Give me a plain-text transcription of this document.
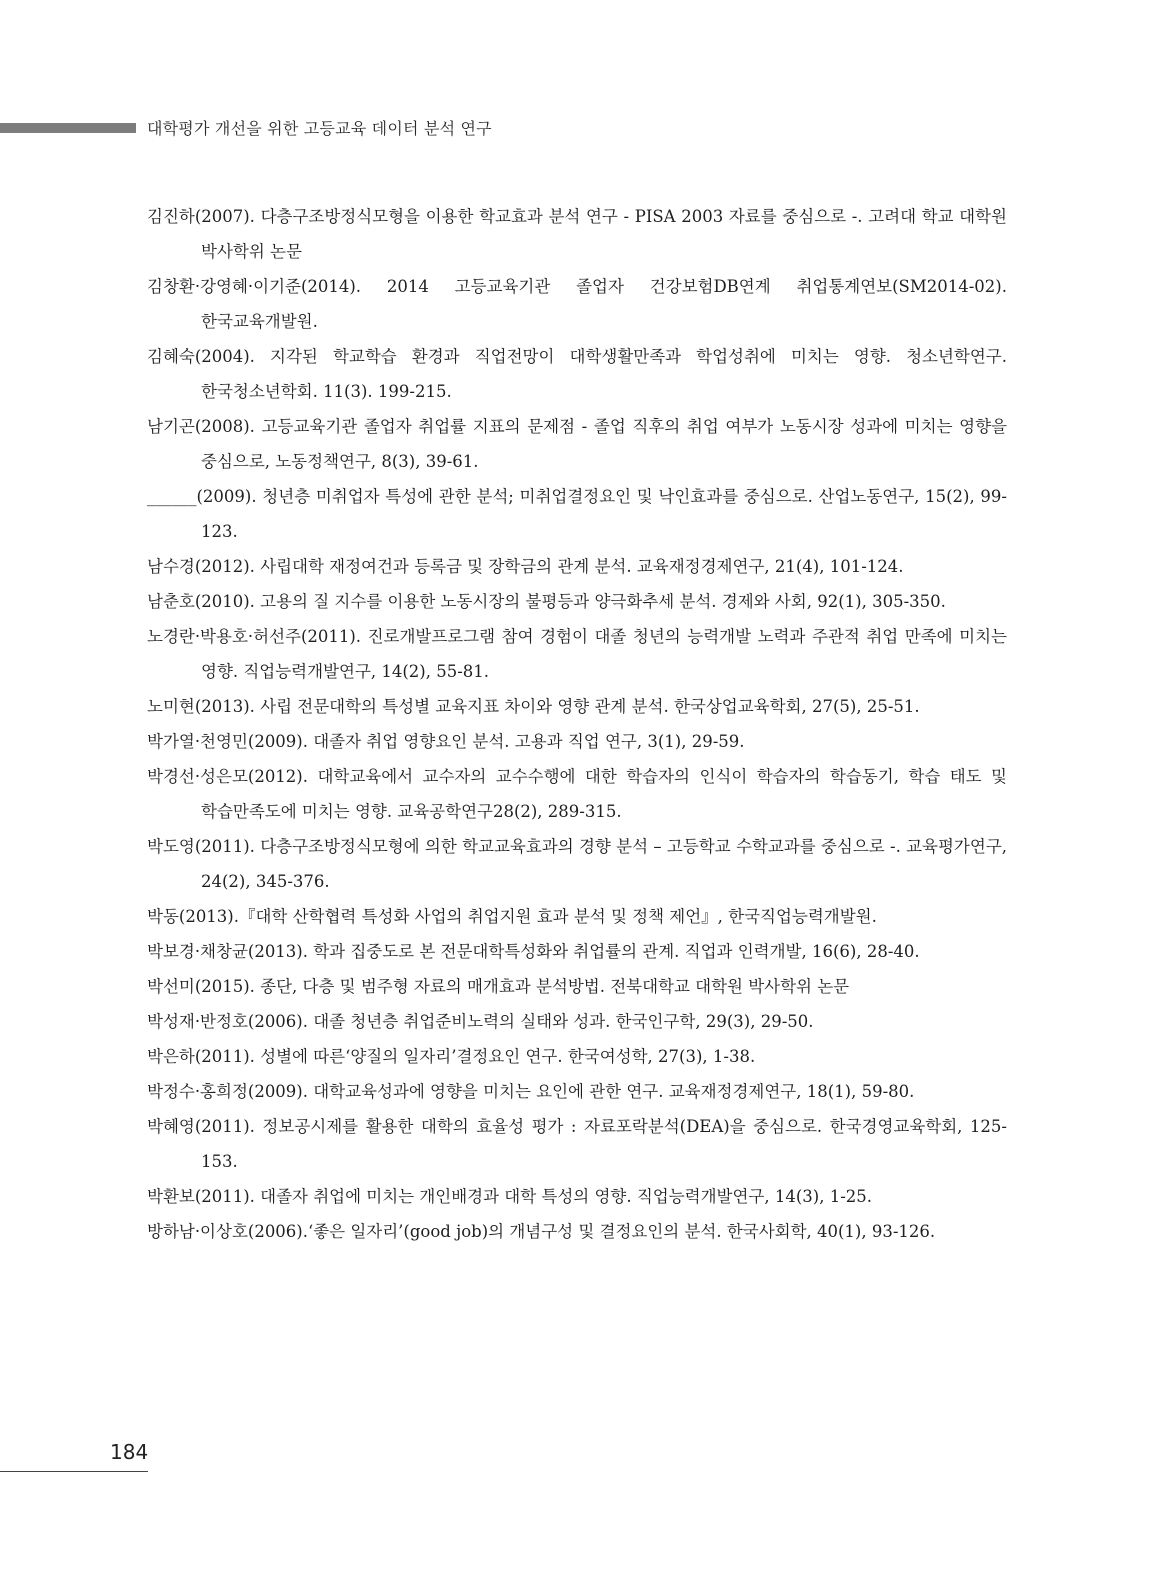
대학평가 개선을 위한 고등교육 데이터 분석 연구
김진하(2007). 다층구조방정식모형을 이용한 학교효과 분석 연구 - PISA 2003 자료를 중심으로 -. 고려대 학교 대학원 박사학위 논문
김창환·강영혜·이기준(2014). 2014 고등교육기관 졸업자 건강보험DB연계 취업통계연보(SM2014-02). 한국교육개발원.
김혜숙(2004). 지각된 학교학습 환경과 직업전망이 대학생활만족과 학업성취에 미치는 영향. 청소년학연구. 한국청소년학회. 11(3). 199-215.
남기곤(2008). 고등교육기관 졸업자 취업률 지표의 문제점 - 졸업 직후의 취업 여부가 노동시장 성과에 미치는 영향을 중심으로, 노동정책연구, 8(3), 39-61.
______(2009). 청년층 미취업자 특성에 관한 분석; 미취업결정요인 및 낙인효과를 중심으로. 산업노동연구, 15(2), 99-123.
남수경(2012). 사립대학 재정여건과 등록금 및 장학금의 관계 분석. 교육재정경제연구, 21(4), 101-124.
남춘호(2010). 고용의 질 지수를 이용한 노동시장의 불평등과 양극화추세 분석. 경제와 사회, 92(1), 305-350.
노경란·박용호·허선주(2011). 진로개발프로그램 참여 경험이 대졸 청년의 능력개발 노력과 주관적 취업 만족에 미치는 영향. 직업능력개발연구, 14(2), 55-81.
노미현(2013). 사립 전문대학의 특성별 교육지표 차이와 영향 관계 분석. 한국상업교육학회, 27(5), 25-51.
박가열·천영민(2009). 대졸자 취업 영향요인 분석. 고용과 직업 연구, 3(1), 29-59.
박경선·성은모(2012). 대학교육에서 교수자의 교수수행에 대한 학습자의 인식이 학습자의 학습동기, 학습 태도 및 학습만족도에 미치는 영향. 교육공학연구28(2), 289-315.
박도영(2011). 다층구조방정식모형에 의한 학교교육효과의 경향 분석 – 고등학교 수학교과를 중심으로 -. 교육평가연구, 24(2), 345-376.
박동(2013).『대학 산학협력 특성화 사업의 취업지원 효과 분석 및 정책 제언』, 한국직업능력개발원.
박보경·채창균(2013). 학과 집중도로 본 전문대학특성화와 취업률의 관계. 직업과 인력개발, 16(6), 28-40.
박선미(2015). 종단, 다층 및 범주형 자료의 매개효과 분석방법. 전북대학교 대학원 박사학위 논문
박성재·반정호(2006). 대졸 청년층 취업준비노력의 실태와 성과. 한국인구학, 29(3), 29-50.
박은하(2011). 성별에 따른‘양질의 일자리’결정요인 연구. 한국여성학, 27(3), 1-38.
박정수·홍희정(2009). 대학교육성과에 영향을 미치는 요인에 관한 연구. 교육재정경제연구, 18(1), 59-80.
박혜영(2011). 정보공시제를 활용한 대학의 효율성 평가 : 자료포락분석(DEA)을 중심으로. 한국경영교육학회, 125-153.
박환보(2011). 대졸자 취업에 미치는 개인배경과 대학 특성의 영향. 직업능력개발연구, 14(3), 1-25.
방하남·이상호(2006).‘좋은 일자리’(good job)의 개념구성 및 결정요인의 분석. 한국사회학, 40(1), 93-126.
184
